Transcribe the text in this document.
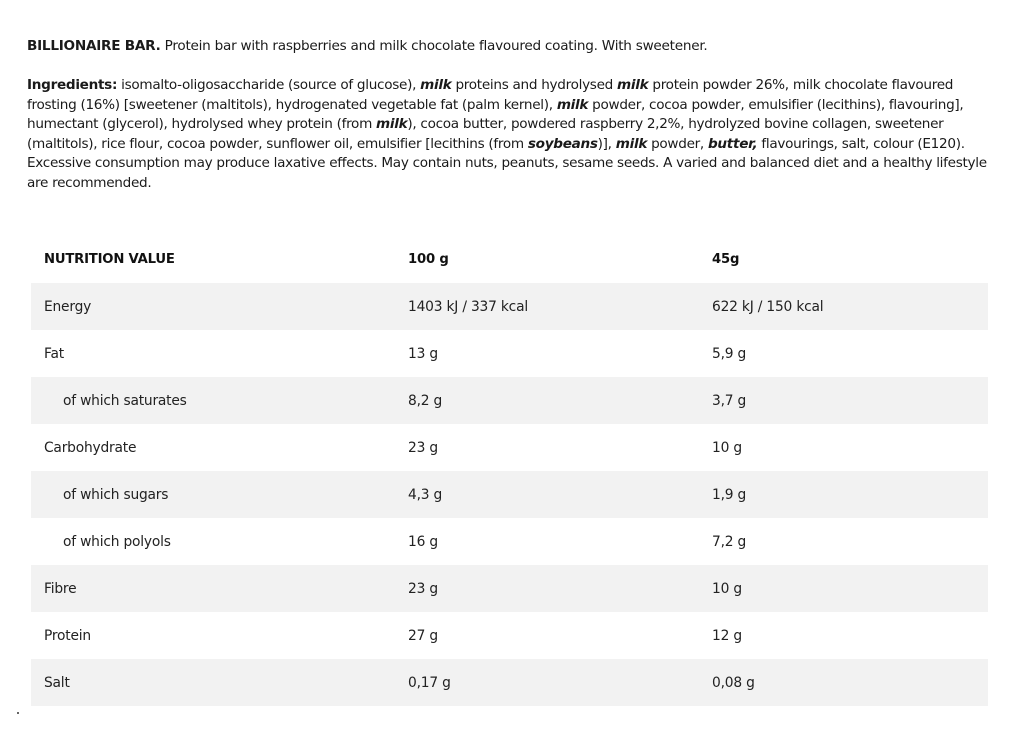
BILLIONAIRE BAR. Protein bar with raspberries and milk chocolate flavoured coating. With sweetener.

Ingredients: isomalto-oligosaccharide (source of glucose), milk proteins and hydrolysed milk protein powder 26%, milk chocolate flavoured frosting (16%) [sweetener (maltitols), hydrogenated vegetable fat (palm kernel), milk powder, cocoa powder, emulsifier (lecithins), flavouring], humectant (glycerol), hydrolysed whey protein (from milk), cocoa butter, powdered raspberry 2,2%, hydrolyzed bovine collagen, sweetener (maltitols), rice flour, cocoa powder, sunflower oil, emulsifier [lecithins (from soybeans)], milk powder, butter, flavourings, salt, colour (E120). Excessive consumption may produce laxative effects. May contain nuts, peanuts, sesame seeds. A varied and balanced diet and a healthy lifestyle are recommended.

NUTRITION VALUE	100 g	45g
Energy	1403 kJ / 337 kcal	622 kJ / 150 kcal
Fat	13 g	5,9 g
of which saturates	8,2 g	3,7 g
Carbohydrate	23 g	10 g
of which sugars	4,3 g	1,9 g
of which polyols	16 g	7,2 g
Fibre	23 g	10 g
Protein	27 g	12 g
Salt	0,17 g	0,08 g
